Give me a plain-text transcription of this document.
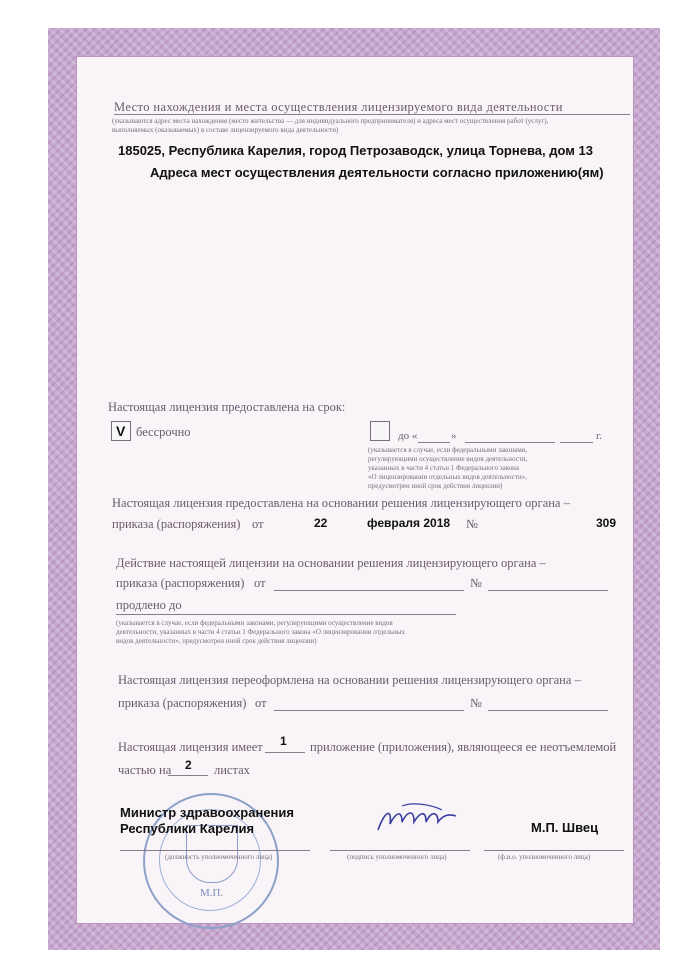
Место нахождения и места осуществления лицензируемого вида деятельности
(указываются адрес места нахождения (место жительства — для индивидуального предпринимателя) и адреса мест осуществления работ (услуг),
выполняемых (оказываемых) в составе лицензируемого вида деятельности)
185025, Республика Карелия, город Петрозаводск, улица Торнева, дом 13
Адреса мест осуществления деятельности согласно приложению(ям)
Настоящая лицензия предоставлена на срок:
V бессрочно	до «	»	г.
(указывается в случае, если федеральными законами,
регулирующими осуществление видов деятельности,
указанных в части 4 статьи 1 Федерального закона
«О лицензировании отдельных видов деятельности»,
предусмотрен иной срок действия лицензии)
Настоящая лицензия предоставлена на основании решения лицензирующего органа –
приказа (распоряжения) от	22	февраля 2018 №	309
Действие настоящей лицензии на основании решения лицензирующего органа –
приказа (распоряжения) от	№
продлено до
(указывается в случае, если федеральными законами, регулирующими осуществление видов
деятельности, указанных в части 4 статьи 1 Федерального закона «О лицензировании отдельных
видов деятельности», предусмотрен иной срок действия лицензии)
Настоящая лицензия переоформлена на основании решения лицензирующего органа –
приказа (распоряжения) от	№
Настоящая лицензия имеет 1 приложение (приложения), являющееся ее неотъемлемой
частью на 2 листах
М.П.
Министр здравоохранения
Республики Карелия	М.П. Швец
(должность уполномоченного лица)	(подпись уполномоченного лица)	(ф.и.о. уполномоченного лица)
